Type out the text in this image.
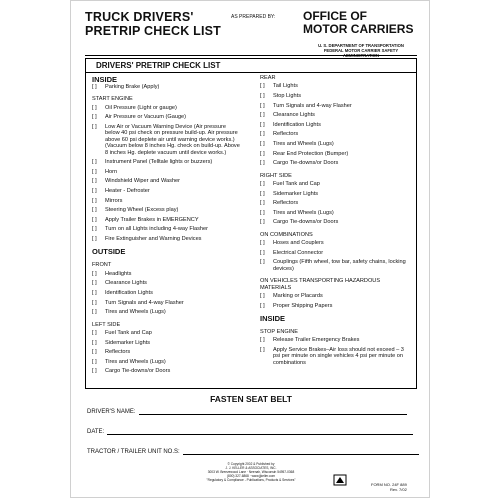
TRUCK DRIVERS'
PRETRIP CHECK LIST
AS PREPARED BY: OFFICE OF
MOTOR CARRIERS
U. S. DEPARTMENT OF TRANSPORTATION
FEDERAL MOTOR CARRIER SAFETY
DRIVERS' PRETRIP CHECK LIST
INSIDE
[ ]	Parking Brake (Apply)
START ENGINE
[ ]	Oil Pressure (Light or gauge)
[ ]	Air Pressure or Vacuum (Gauge)
[ ]	Low Air or Vacuum Warning Device (Air pressure below 40 psi check on pressure build-up. Air pressure above 60 psi deplete air until warning device works.) (Vacuum below 8 inches Hg. check on build-up. Above 8 inches Hg. deplete vacuum until device works.)
[ ]	Instrument Panel (Telltale lights or buzzers)
[ ]	Horn
[ ]	Windshield Wiper and Washer
[ ]	Heater - Defroster
[ ]	Mirrors
[ ]	Steering Wheel (Excess play)
[ ]	Apply Trailer Brakes in EMERGENCY
[ ]	Turn on all Lights including 4-way Flasher
[ ]	Fire Extinguisher and Warning Devices
OUTSIDE
FRONT
[ ]	Headlights
[ ]	Clearance Lights
[ ]	Identification Lights
[ ]	Turn Signals and 4-way Flasher
[ ]	Tires and Wheels (Lugs)
LEFT SIDE
[ ]	Fuel Tank and Cap
[ ]	Sidemarker Lights
[ ]	Reflectors
[ ]	Tires and Wheels (Lugs)
[ ]	Cargo Tie-downs/or Doors
REAR
[ ]	Tail Lights
[ ]	Stop Lights
[ ]	Turn Signals and 4-way Flasher
[ ]	Clearance Lights
[ ]	Identification Lights
[ ]	Reflectors
[ ]	Tires and Wheels (Lugs)
[ ]	Rear End Protection (Bumper)
[ ]	Cargo Tie-downs/or Doors
RIGHT SIDE
[ ]	Fuel Tank and Cap
[ ]	Sidemarker Lights
[ ]	Reflectors
[ ]	Tires and Wheels (Lugs)
[ ]	Cargo Tie-downs/or Doors
ON COMBINATIONS
[ ]	Hoses and Couplers
[ ]	Electrical Connector
[ ]	Couplings (Fifth wheel, tow bar, safety chains, locking devices)
ON VEHICLES TRANSPORTING HAZARDOUS MATERIALS
[ ]	Marking or Placards
[ ]	Proper Shipping Papers
INSIDE
STOP ENGINE
[ ]	Release Trailer Emergency Brakes
[ ]	Apply Service Brakes–Air loss should not exceed – 3 psi per minute on single vehicles 4 psi per minute on combinations
FASTEN SEAT BELT
DRIVER'S NAME:
DATE:
TRACTOR / TRAILER UNIT NO.S:
© Copyright 2002 & Published by
J. J. KELLER & ASSOCIATES, INC.
3003 W. Breezewood Lane · Neenah, Wisconsin 54957-0368
(800) 327-6868 · www.jjkeller.com
"Regulatory & Compliance - Publications, Products & Services"
FORM NO. 24F 889
Rev. 7/02
